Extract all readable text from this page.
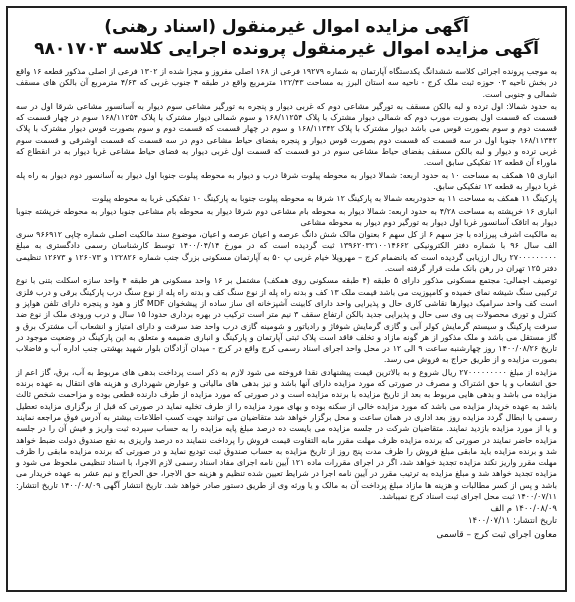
آگهی مزایده اموال غیرمنقول (اسناد رهنی)
آگهی مزایده اموال غیرمنقول پرونده اجرایی کلاسه ۹۸۰۱۷۰۳

به موجب پرونده اجرائی کلاسه ششدانگ یکدستگاه آپارتمان به شماره ۱۹۲۷۹ فرعی از ۱۶۸ اصلی مفروز و مجزا شده از ۱۳۰۲ فرعی از اصلی مذکور قطعه ۱۶ واقع در بخش ناحیه ۰۳ حوزه ثبت ملک کرج - ناحیه سه استان البرز به مساحت ۱۲۲/۴۳ مترمربع واقع در طبقه ۴ جنوب غربی که ۴/۶۳ مترمربع آن بالکن های مسقف شمالی و جنوبی است.

به حدود شمالا: اول ترده و لبه بالکن مسقف به تورگیر مشاعی دوم که غربی دیوار و پنجره به تورگیر مشاعی سوم دیوار به آسانسور مشاعی شرقا اول در سه قسمت که قسمت اول بصورت مورب دوم که شمالی دیوار مشترک با پلاک ۱۶۸/۱۱۲۵۴ و سوم شمالی دیوار مشترک با پلاک ۱۶۸/۱۱۲۵۴ سوم در چهار قسمت که قسمت دوم و سوم بصورت قوس می باشد دیوار مشترک با پلاک ۱۶۸/۱۱۳۴۲ و سوم در چهار قسمت که قسمت دوم و سوم بصورت قوس دیوار مشترک با پلاک ۱۶۸/۱۱۳۴۲ جنوبا اول در سه قسمت که قسمت دوم بصورت قوس دیوار و پنجره بفضای حیاط مشاعی دوم در سه قسمت که قسمت اوشرقی و قسمت سوم غربی ترده و دیوار و لبه بالکن مسقف بفضای حیاط مشاعی سوم در دو قسمت که قسمت اول غربی دیوار به فضای حیاط مشاعی غربا دیوار به در انقطاع که ماوراء آن قطعه ۱۲ تفکیکی سابق است.

انباری ۱۵ همکف به مساحت ۱۰ به حدود اربعه: شمالا دیوار به محوطه پیلوت شرقا درب و دیوار به محوطه پیلوت جنوبا اول دیوار به آسانسور دوم دیوار به راه پله غربا دیوار به قطعه ۱۲ تفکیکی سابق.

پارکینگ ۱۱ همکف به مساحت ۱۱ به حدودربعه شمالا به پارکینگ ۱۲ شرقا به محوطه پیلوت جنوبا به پارکینگ ۱۰ تفکیکی غربا به محوطه پیلوت

انباری ۱۶ خرپشته به مساحت ۴/۲۸ به حدود اربعه: شمالا دیوار به محوطه بام مشاعی دوم شرقا دیوار به محوطه بام مشاعی جنوبا دیوار به محوطه خرپشته جنوبا دیوار به اتاقک آسانسور غربا اول دیوار به تورگیر دوم دیوار به محوطه مشاعی

به مالکیت اشرف پیرزاده با جز سهم ۶ از کل سهم ۶ بعنوان مالک شش دانگ عرصه و اعیان عرصه و اعیان، موضوع سند مالکیت اصلی شماره چاپی ۹۶۶۹۱۲ سری الف سال ۹۶ با شماره دفتر الکترونیکی ۱۳۹۶۲۰۳۲۱۰۰۱۴۶۶۲ ثبت گردیده است که در مورخ ۱۴۰۰/۰۴/۱۴ توسط کارشناسان رسمی دادگستری به مبلغ ۲۷۰۰۰۰۰۰۰۰۰ ریال ارزیابی گردیده است که بانضمام کرج – مهرویلا خیام غربی پ ۵۰ به آپارتمان مسکونی بزرگ جنب شماره ۱۲۲۸۲۶ و ۱۲۶۰۷۳ و ۱۲۶۷۳ تنظیمی دفتر ۱۲۵ تهران در رهن بانک ملت قرار گرفته است.

توصیف اجمالی: مجتمع مسکونی مذکور دارای ۵ طبقه (۴ طبقه مسکونی روی همکف) مشتمل بر ۱۶ واحد مسکونی هر طبقه ۴ واحد سازه اسکلت بتنی با نوع ترکیبی سنگ شیشه نمای خمیده و کامپوزیت می باشد قیمت ملک ۱۳ کف و بدنه راه پله از نوع سنگ کف و بدنه راه پله از نوع سنگ درب پارکینگ برقی و درب فلزی است کف واحد سرامیک دیوارها نقاشی کاری حال و پذیرایی واحد دارای کابینت آشپزخانه ای ساز ساده از پیشخوان ‌MDF گاز و هود و پنجره دارای تلفن هواپز و کنترل و توری محصولات پی وی سی حال و پذیرایی جدید بالکن ارتفاع سقف ۳ نیم متر است ترکیب در بهره برداری حدودا ۱۵ سال و درب ورودی ملک از نوع ضد سرقت پارکینگ و سیستم گرمایش کولر آبی و گازی گرمایش شوفاژ و رادیاتور و شومینه گازی درب واحد ضد سرقت و دارای امتیاز و انشعاب آب مشترک برق و گاز مستقل می باشد و ملک مذکور از هر گونه مازاد و تخلف فاقد است پلاک ثبتی آپارتمان و پارکینگ و انباری ضمیمه و متعلق به این پارکینگ در وضعیت موجود در تاریخ ۱۴۰۰/۰۸/۲۶ روز چهارشنبه ساعت ۹ الی ۱۲ در محل واحد اجرای اسناد رسمی کرج واقع در کرج - میدان آزادگان بلوار شهید بهشتی جنب اداره آب و فاضلاب بصورت مزایده و از طریق حراج به فروش می رسد.

مزایده از مبلغ ۲۷۰۰۰۰۰۰۰۰۰ ریال شروع و به بالاترین قیمت پیشنهادی نقدا فروخته می شود لازم به ذکر است پرداخت بدهی های مربوط به آب، برق، گاز اعم از حق انشعاب و یا حق اشتراک و مصرف در صورتی که مورد مزایده دارای آنها باشد و نیز بدهی های مالیاتی و عوارض شهرداری و هزینه های انتقال به عهده برنده مزایده می باشد و بدهی هایی مربوط به بعد از تاریخ مزایده با برنده مزایده است و در صورتی که مورد مزایده از طرف دارنده قطعی بوده و مزاحمت شخص ثالث باشد به عهده خریدار مزایده می باشد که مورد مزایده خالی از سکنه بوده و بهای مورد مزایده را از طرف تخلیه نماید در صورتی که قبل از برگزاری مزایده تعطیل رسمی یا ابطال گردد مزایده روز بعد اداری در همان ساعت و محل برگزار خواهد شد متقاضیان می توانند جهت کسب اطلاعات بیشتر به آدرس فوق مراجعه نمایند و یا از مورد مزایده بازدید نمایند. متقاضیان شرکت در جلسه مزایده می بایست ده درصد مبلغ پایه مزایده را به حساب سپرده ثبت واریز و فیش آن را در جلسه مزایده حاضر نمایند در صورتی که برنده مزایده ظرف مهلت مقرر مابه التفاوت قیمت فروش را پرداخت ننمایند ده درصد واریزی به نفع صندوق دولت ضبط خواهد شد و برنده مزایده باید مابقی مبلغ فروش را ظرف مدت پنج روز از تاریخ مزایده به حساب صندوق ثبت تودیع نماید و در صورتی که برنده مزایده مابقی را ظرف مهلت مقرر واریز نکند مزایده تجدید خواهد شد، اگر در اجرای مقررات ماده ۱۲۱ آیین نامه اجرای مفاد اسناد رسمی لازم الاجرا، با اسناد تنظیمی ملحوظ می شود و مزایده تجدید خواهد شد و مبلغ مزایده به ترتیب مقرر در آیین نامه اجرا در شرایط تعیین شده تنظیم و هزینه حق الاجرا، حق الحراج و نیم عشر به عهده خریدار می باشد و پس از کسر مطالبات و هزینه ها مازاد مبلغ پرداخت آن به مالک و یا ورثه وی از طریق دستور صادر خواهد شد. تاریخ انتشار آگهی ۱۴۰۰/۰۸/۰۹ تاریخ انتشار: ۱۴۰۰/۰۷/۱۱ ثبت محل اجرای ثبت اسناد کرج نمیباشد.

۱۴۰۰/۰۸/۰۹ م الف
تاریخ انتشار: ۱۴۰۰/۰۷/۱۱
معاون اجرای ثبت کرج – قاسمی
